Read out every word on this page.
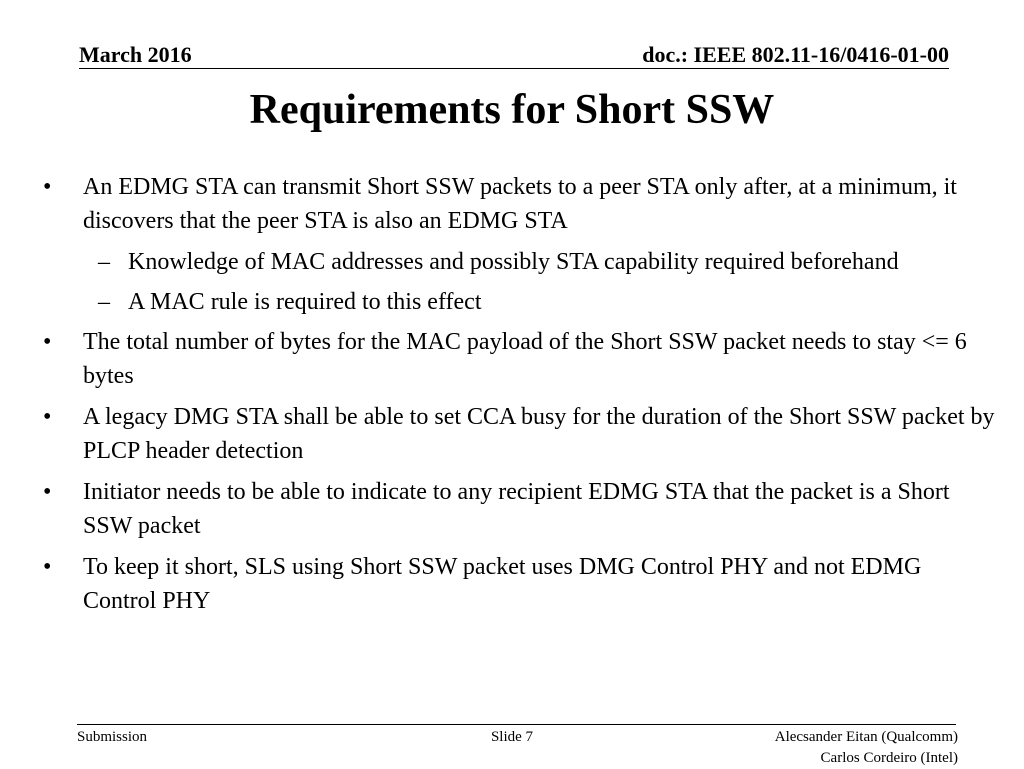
March 2016	doc.: IEEE 802.11-16/0416-01-00
Requirements for Short SSW
• An EDMG STA can transmit Short SSW packets to a peer STA only after, at a minimum, it discovers that the peer STA is also an EDMG STA
– Knowledge of MAC addresses and possibly STA capability required beforehand
– A MAC rule is required to this effect
• The total number of bytes for the MAC payload of the Short SSW packet needs to stay <= 6 bytes
• A legacy DMG STA shall be able to set CCA busy for the duration of the Short SSW packet by PLCP header detection
• Initiator needs to be able to indicate to any recipient EDMG STA that the packet is a Short SSW packet
• To keep it short, SLS using Short SSW packet uses DMG Control PHY and not EDMG Control PHY
Submission	Slide 7	Alecsander Eitan (Qualcomm)
Carlos Cordeiro (Intel)
